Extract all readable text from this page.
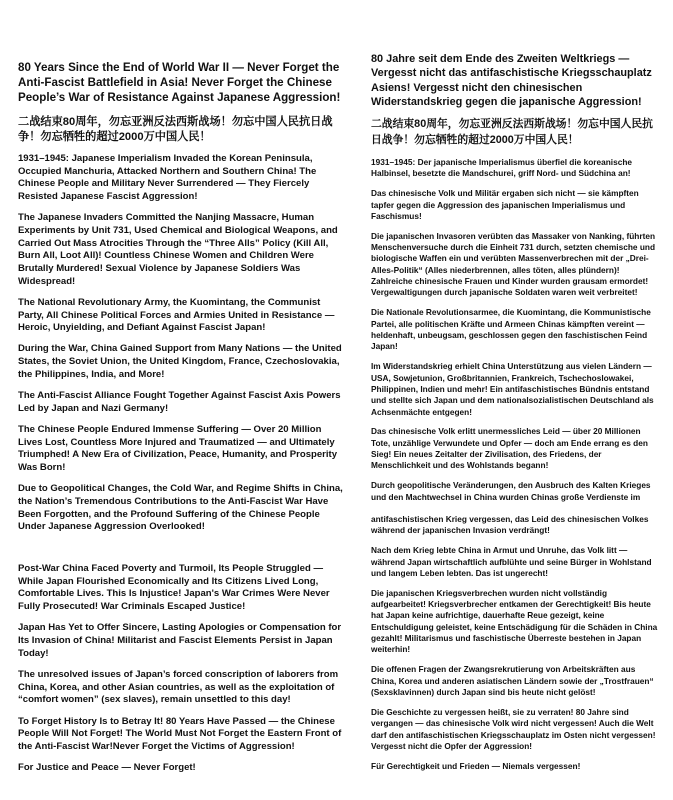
80 Years Since the End of World War II — Never Forget the Anti-Fascist Battlefield in Asia! Never Forget the Chinese People’s War of Resistance Against Japanese Aggression!

二战结束80周年，勿忘亚洲反法西斯战场！勿忘中国人民抗日战争！勿忘牺牲的超过2000万中国人民！

1931–1945: Japanese Imperialism Invaded the Korean Peninsula, Occupied Manchuria, Attacked Northern and Southern China! The Chinese People and Military Never Surrendered — They Fiercely Resisted Japanese Fascist Aggression!

The Japanese Invaders Committed the Nanjing Massacre, Human Experiments by Unit 731, Used Chemical and Biological Weapons, and Carried Out Mass Atrocities Through the “Three Alls” Policy (Kill All, Burn All, Loot All)! Countless Chinese Women and Children Were Brutally Murdered! Sexual Violence by Japanese Soldiers Was Widespread!

The National Revolutionary Army, the Kuomintang, the Communist Party, All Chinese Political Forces and Armies United in Resistance — Heroic, Unyielding, and Defiant Against Fascist Japan!

During the War, China Gained Support from Many Nations — the United States, the Soviet Union, the United Kingdom, France, Czechoslovakia, the Philippines, India, and More!

The Anti-Fascist Alliance Fought Together Against Fascist Axis Powers Led by Japan and Nazi Germany!

The Chinese People Endured Immense Suffering — Over 20 Million Lives Lost, Countless More Injured and Traumatized — and Ultimately Triumphed! A New Era of Civilization, Peace, Humanity, and Prosperity Was Born!

Due to Geopolitical Changes, the Cold War, and Regime Shifts in China, the Nation’s Tremendous Contributions to the Anti-Fascist War Have Been Forgotten, and the Profound Suffering of the Chinese People Under Japanese Aggression Overlooked!

Post-War China Faced Poverty and Turmoil, Its People Struggled — While Japan Flourished Economically and Its Citizens Lived Long, Comfortable Lives. This Is Injustice! Japan's War Crimes Were Never Fully Prosecuted! War Criminals Escaped Justice!

Japan Has Yet to Offer Sincere, Lasting Apologies or Compensation for Its Invasion of China! Militarist and Fascist Elements Persist in Japan Today!

The unresolved issues of Japan’s forced conscription of laborers from China, Korea, and other Asian countries, as well as the exploitation of “comfort women” (sex slaves), remain unsettled to this day!

To Forget History Is to Betray It! 80 Years Have Passed — the Chinese People Will Not Forget! The World Must Not Forget the Eastern Front of the Anti-Fascist War!Never Forget the Victims of Aggression!

For Justice and Peace — Never Forget!

80 Jahre seit dem Ende des Zweiten Weltkriegs — Vergesst nicht das antifaschistische Kriegsschauplatz Asiens! Vergesst nicht den chinesischen Widerstandskrieg gegen die japanische Aggression!

二战结束80周年，勿忘亚洲反法西斯战场！勿忘中国人民抗日战争！勿忘牺牲的超过2000万中国人民！

1931–1945: Der japanische Imperialismus überfiel die koreanische Halbinsel, besetzte die Mandschurei, griff Nord- und Südchina an!

Das chinesische Volk und Militär ergaben sich nicht — sie kämpften tapfer gegen die Aggression des japanischen Imperialismus und Faschismus!

Die japanischen Invasoren verübten das Massaker von Nanking, führten Menschenversuche durch die Einheit 731 durch, setzten chemische und biologische Waffen ein und verübten Massenverbrechen mit der „Drei-Alles-Politik“ (Alles niederbrennen, alles töten, alles plündern)! Zahlreiche chinesische Frauen und Kinder wurden grausam ermordet! Vergewaltigungen durch japanische Soldaten waren weit verbreitet!

Die Nationale Revolutionsarmee, die Kuomintang, die Kommunistische Partei, alle politischen Kräfte und Armeen Chinas kämpften vereint — heldenhaft, unbeugsam, geschlossen gegen den faschistischen Feind Japan!

Im Widerstandskrieg erhielt China Unterstützung aus vielen Ländern — USA, Sowjetunion, Großbritannien, Frankreich, Tschechoslowakei, Philippinen, Indien und mehr! Ein antifaschistisches Bündnis entstand und stellte sich Japan und dem nationalsozialistischen Deutschland als Achsenmächte entgegen!

Das chinesische Volk erlitt unermessliches Leid — über 20 Millionen Tote, unzählige Verwundete und Opfer — doch am Ende errang es den Sieg! Ein neues Zeitalter der Zivilisation, des Friedens, der Menschlichkeit und des Wohlstands begann!

Durch geopolitische Veränderungen, den Ausbruch des Kalten Krieges und den Machtwechsel in China wurden Chinas große Verdienste im

antifaschistischen Krieg vergessen, das Leid des chinesischen Volkes während der japanischen Invasion verdrängt!

Nach dem Krieg lebte China in Armut und Unruhe, das Volk litt — während Japan wirtschaftlich aufblühte und seine Bürger in Wohlstand und langem Leben lebten. Das ist ungerecht!

Die japanischen Kriegsverbrechen wurden nicht vollständig aufgearbeitet! Kriegsverbrecher entkamen der Gerechtigkeit! Bis heute hat Japan keine aufrichtige, dauerhafte Reue gezeigt, keine Entschuldigung geleistet, keine Entschädigung für die Schäden in China gezahlt! Militarismus und faschistische Überreste bestehen in Japan weiterhin!

Die offenen Fragen der Zwangsrekrutierung von Arbeitskräften aus China, Korea und anderen asiatischen Ländern sowie der „Trostfrauen“ (Sexsklavinnen) durch Japan sind bis heute nicht gelöst!

Die Geschichte zu vergessen heißt, sie zu verraten! 80 Jahre sind vergangen — das chinesische Volk wird nicht vergessen! Auch die Welt darf den antifaschistischen Kriegsschauplatz im Osten nicht vergessen! Vergesst nicht die Opfer der Aggression!

Für Gerechtigkeit und Frieden — Niemals vergessen!
